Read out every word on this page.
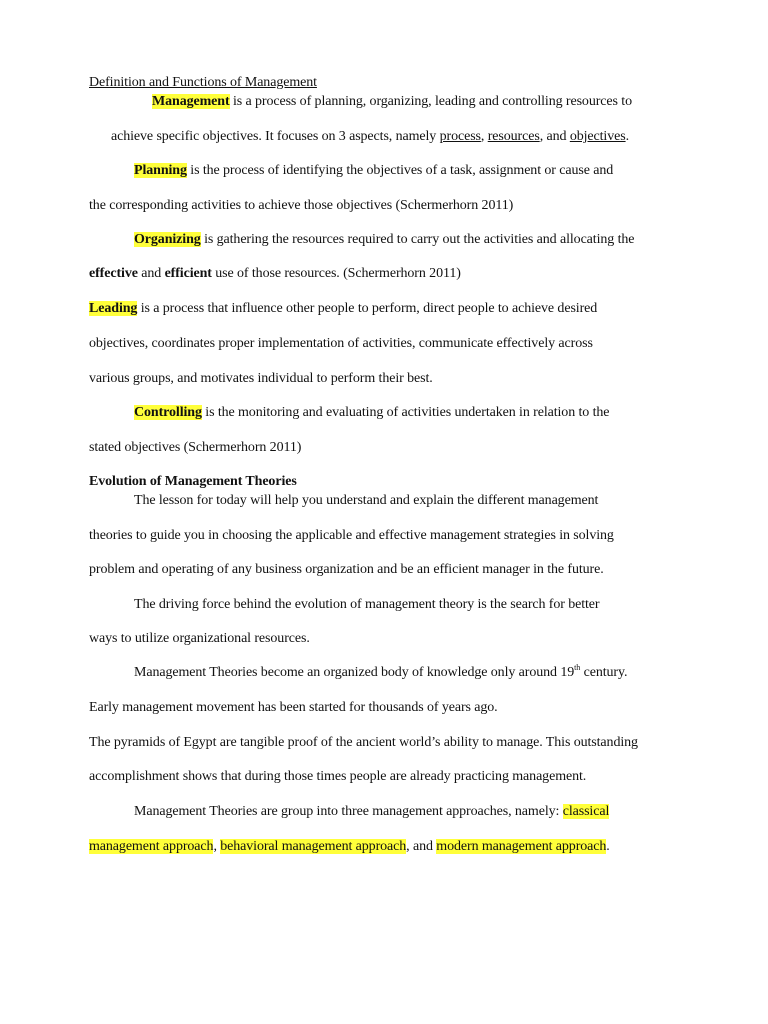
Definition and Functions of Management
Management is a process of planning, organizing, leading and controlling resources to
achieve specific objectives. It focuses on 3 aspects, namely process, resources, and objectives.
Planning is the process of identifying the objectives of a task, assignment or cause and
the corresponding activities to achieve those objectives (Schermerhorn 2011)
Organizing is gathering the resources required to carry out the activities and allocating the
effective and efficient use of those resources. (Schermerhorn 2011)
Leading is a process that influence other people to perform, direct people to achieve desired
objectives, coordinates proper implementation of activities, communicate effectively across
various groups, and motivates individual to perform their best.
Controlling is the monitoring and evaluating of activities undertaken in relation to the
stated objectives (Schermerhorn 2011)
Evolution of Management Theories
The lesson for today will help you understand and explain the different management
theories to guide you in choosing the applicable and effective management strategies in solving
problem and operating of any business organization and be an efficient manager in the future.
The driving force behind the evolution of management theory is the search for better
ways to utilize organizational resources.
Management Theories become an organized body of knowledge only around 19th century.
Early management movement has been started for thousands of years ago.
The pyramids of Egypt are tangible proof of the ancient world’s ability to manage. This outstanding
accomplishment shows that during those times people are already practicing management.
Management Theories are group into three management approaches, namely: classical
management approach, behavioral management approach, and modern management approach.
